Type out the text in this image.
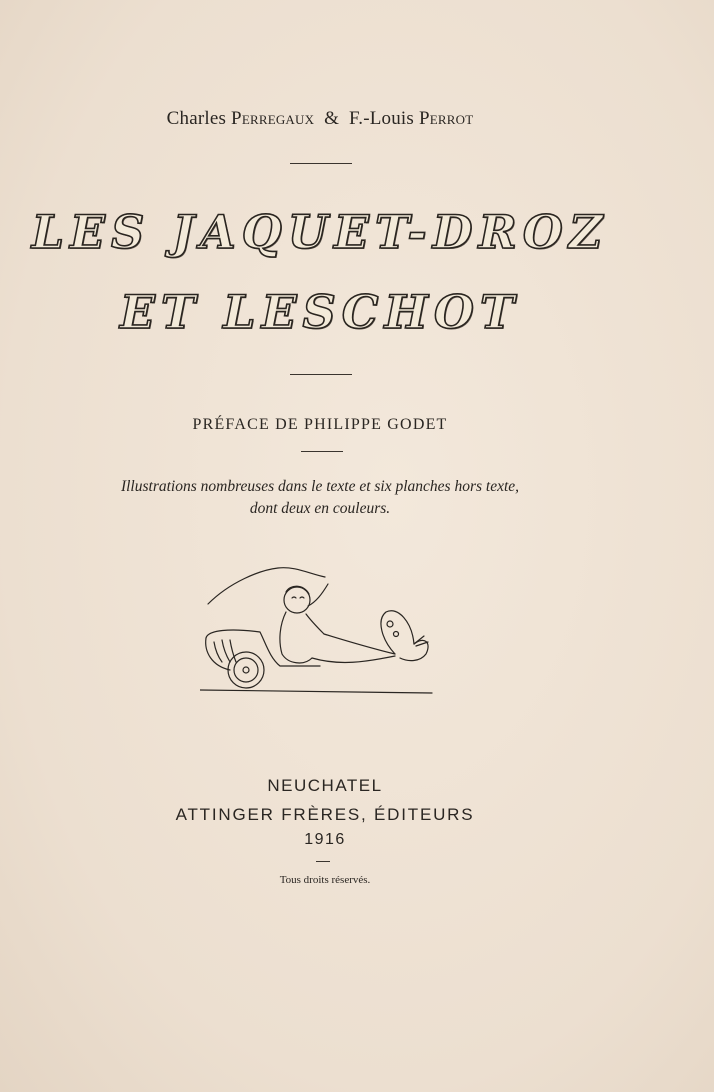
Charles Perregaux & F.-Louis Perrot
LES JAQUET-DROZ
ET LESCHOT
PRÉFACE DE PHILIPPE GODET
Illustrations nombreuses dans le texte et six planches hors texte,
dont deux en couleurs.
NEUCHATEL
ATTINGER FRÈRES, ÉDITEURS
1916
Tous droits réservés.
